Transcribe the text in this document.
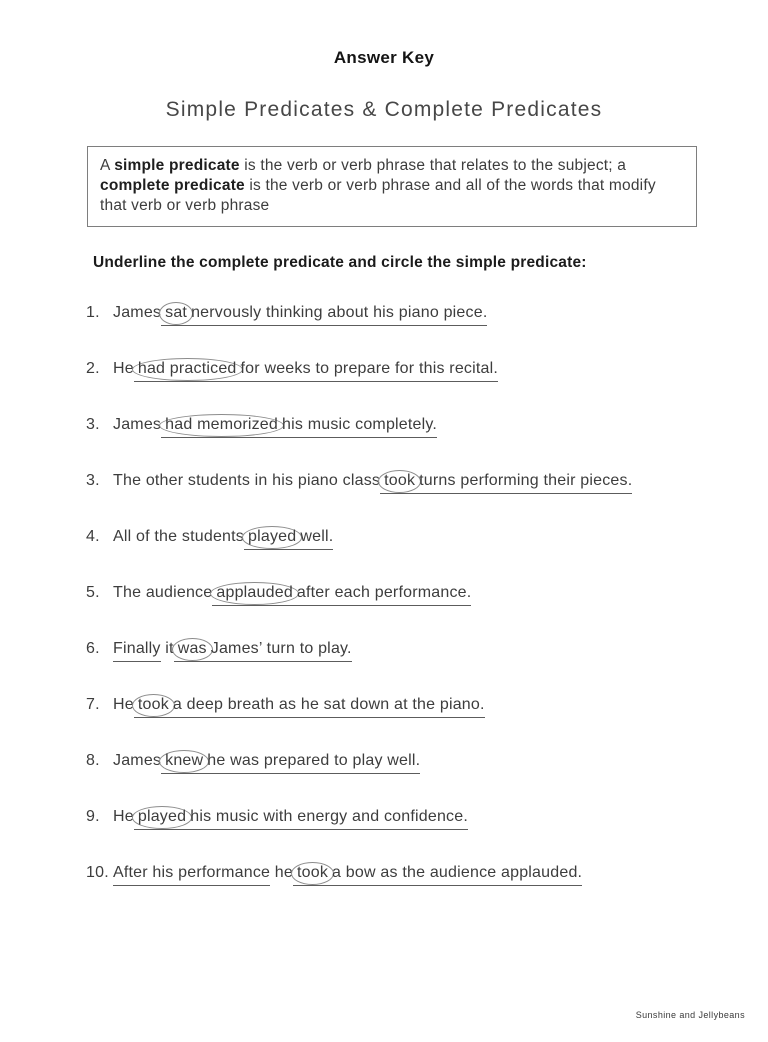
Answer Key
Simple Predicates & Complete Predicates
A simple predicate is the verb or verb phrase that relates to the subject; a complete predicate is the verb or verb phrase and all of the words that modify that verb or verb phrase
Underline the complete predicate and circle the simple predicate:
1. James sat nervously thinking about his piano piece.
2. He had practiced for weeks to prepare for this recital.
3. James had memorized his music completely.
3. The other students in his piano class took turns performing their pieces.
4. All of the students played well.
5. The audience applauded after each performance.
6. Finally it was James’ turn to play.
7. He took a deep breath as he sat down at the piano.
8. James knew he was prepared to play well.
9. He played his music with energy and confidence.
10. After his performance he took a bow as the audience applauded.
Sunshine and Jellybeans
